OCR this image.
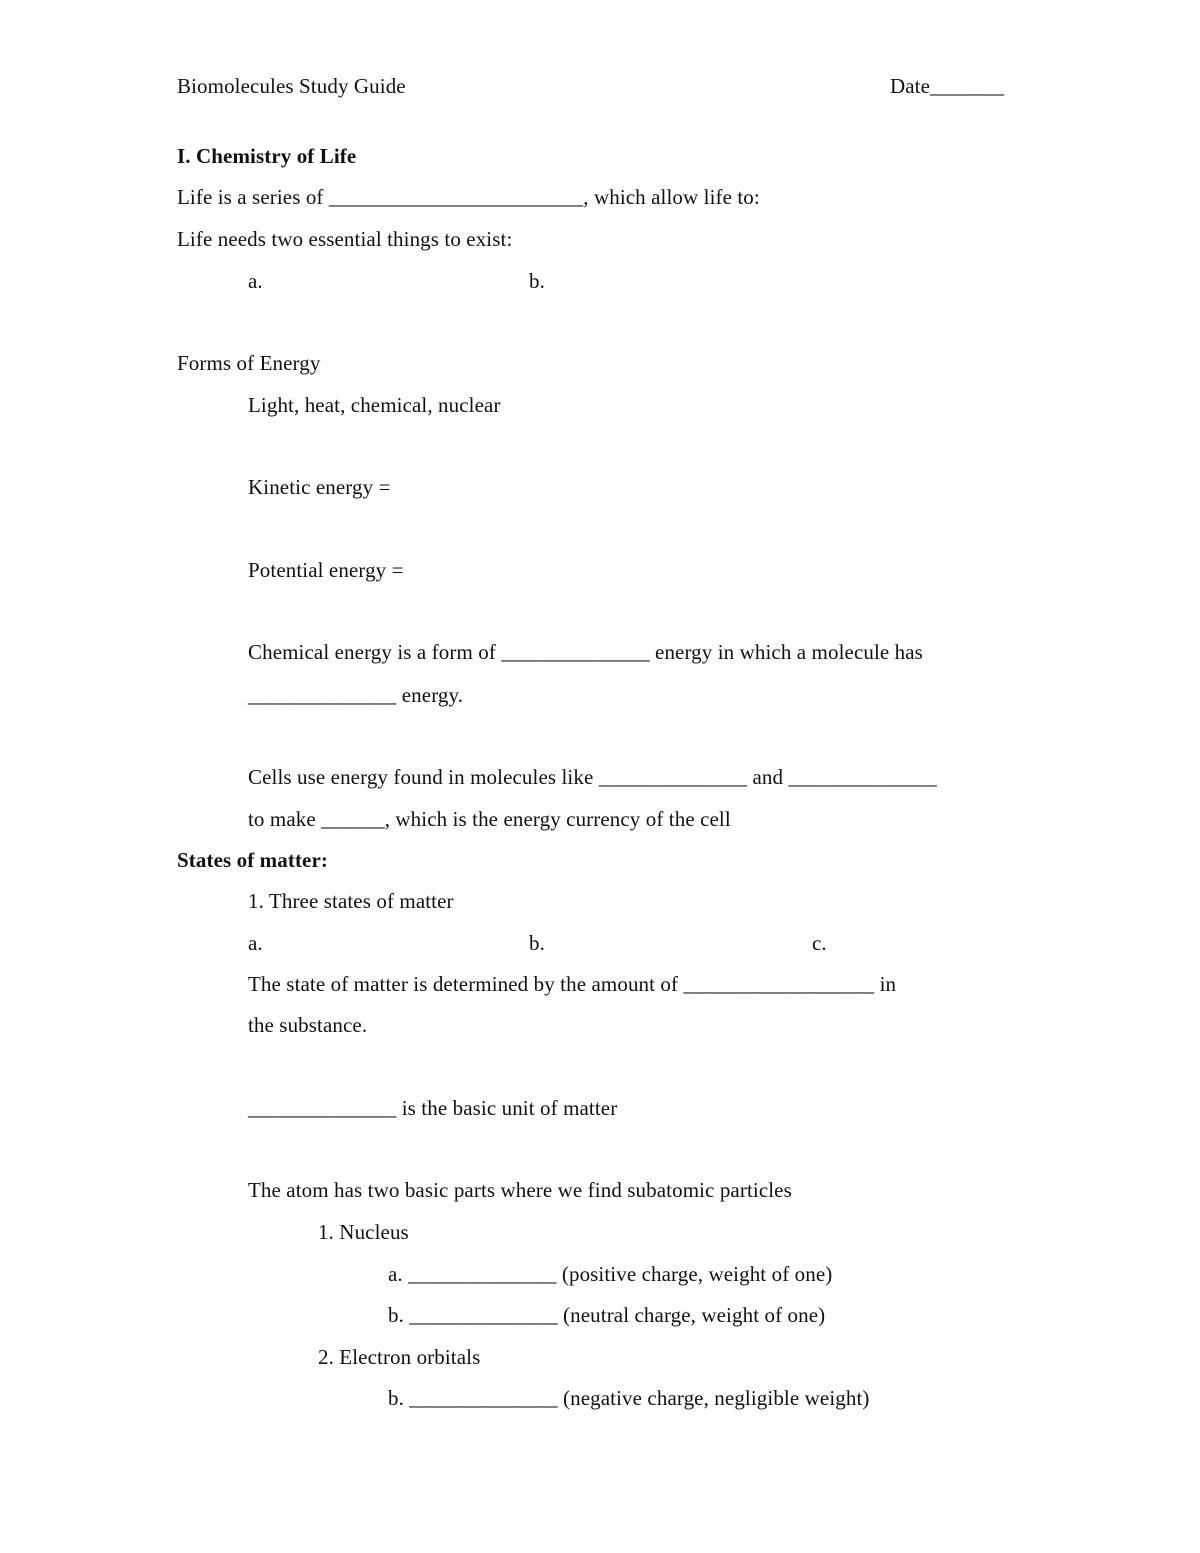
Biomolecules Study Guide	Date_______
I. Chemistry of Life
Life is a series of ________________________, which allow life to:
Life needs two essential things to exist:
a.	b.
Forms of Energy
Light, heat, chemical, nuclear
Kinetic energy =
Potential energy =
Chemical energy is a form of ______________ energy in which a molecule has
______________ energy.
Cells use energy found in molecules like ______________ and ______________
to make ______, which is the energy currency of the cell
States of matter:
1. Three states of matter
a.	b.	c.
The state of matter is determined by the amount of __________________ in
the substance.
______________ is the basic unit of matter
The atom has two basic parts where we find subatomic particles
1. Nucleus
a. ______________ (positive charge, weight of one)
b. ______________ (neutral charge, weight of one)
2. Electron orbitals
b. ______________ (negative charge, negligible weight)
